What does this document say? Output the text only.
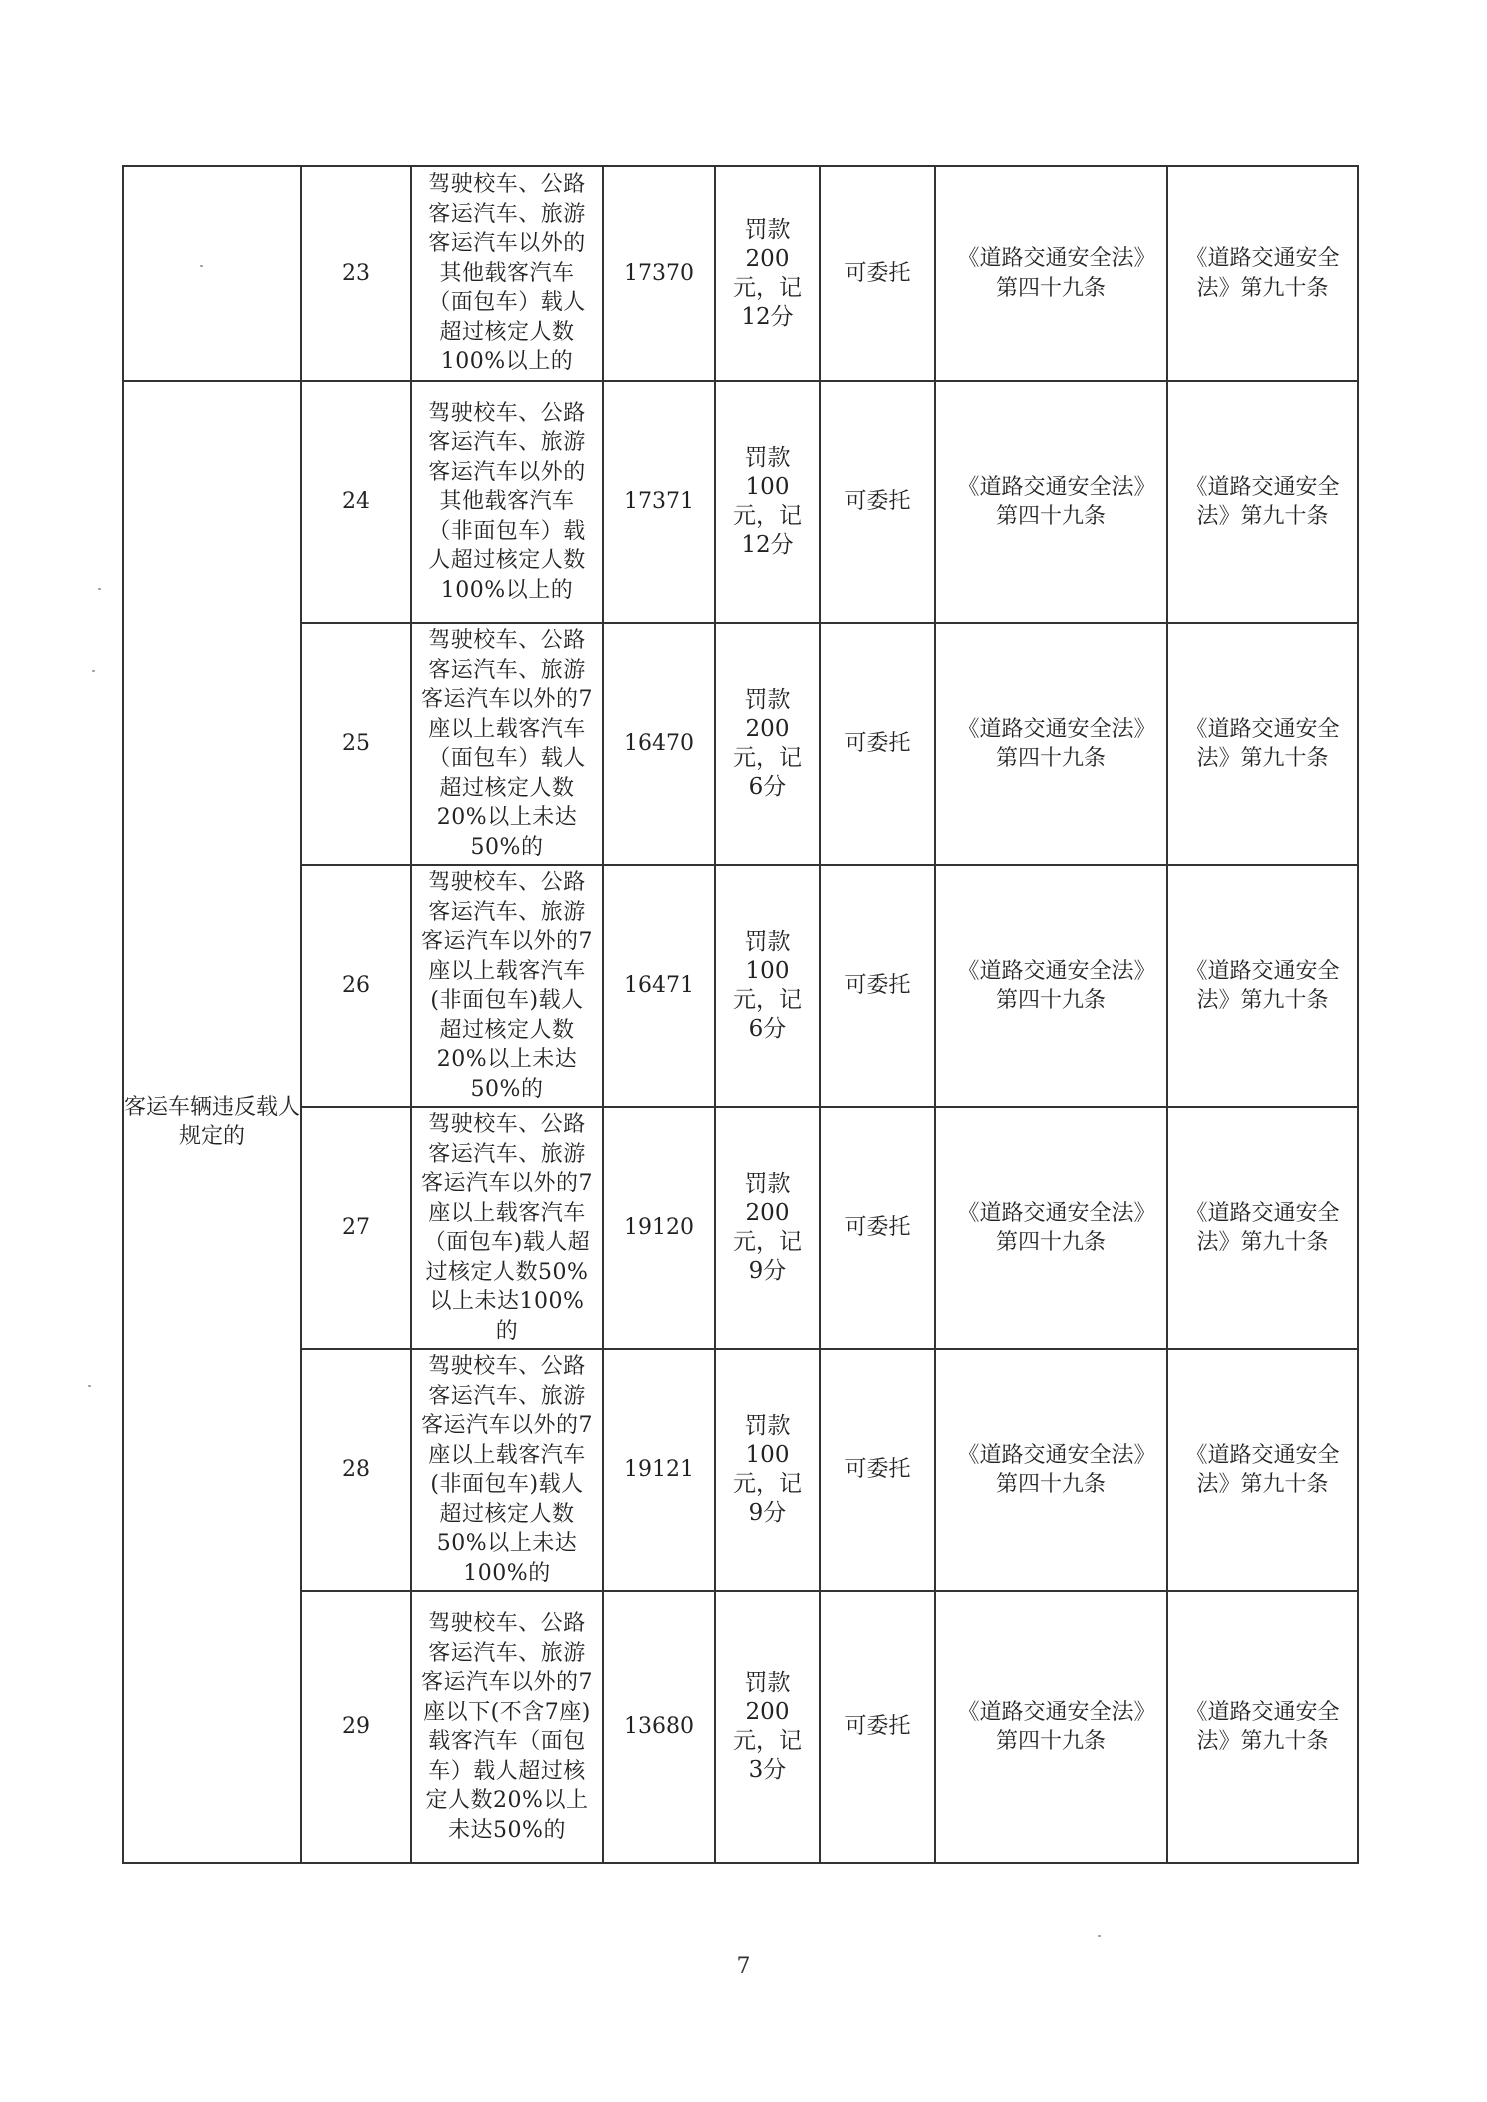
	23	驾驶校车、公路客运汽车、旅游客运汽车以外的其他载客汽车（面包车）载人超过核定人数100%以上的	17370	罚款200元，记12分	可委托	《道路交通安全法》第四十九条	《道路交通安全法》第九十条

客运车辆违反载人规定的	24	驾驶校车、公路客运汽车、旅游客运汽车以外的其他载客汽车（非面包车）载人超过核定人数100%以上的	17371	罚款100元，记12分	可委托	《道路交通安全法》第四十九条	《道路交通安全法》第九十条

	25	驾驶校车、公路客运汽车、旅游客运汽车以外的7座以上载客汽车（面包车）载人超过核定人数20%以上未达50%的	16470	罚款200元，记6分	可委托	《道路交通安全法》第四十九条	《道路交通安全法》第九十条

	26	驾驶校车、公路客运汽车、旅游客运汽车以外的7座以上载客汽车(非面包车)载人超过核定人数20%以上未达50%的	16471	罚款100元，记6分	可委托	《道路交通安全法》第四十九条	《道路交通安全法》第九十条

	27	驾驶校车、公路客运汽车、旅游客运汽车以外的7座以上载客汽车（面包车)载人超过核定人数50%以上未达100%的	19120	罚款200元，记9分	可委托	《道路交通安全法》第四十九条	《道路交通安全法》第九十条

	28	驾驶校车、公路客运汽车、旅游客运汽车以外的7座以上载客汽车(非面包车)载人超过核定人数50%以上未达100%的	19121	罚款100元，记9分	可委托	《道路交通安全法》第四十九条	《道路交通安全法》第九十条

	29	驾驶校车、公路客运汽车、旅游客运汽车以外的7座以下(不含7座)载客汽车（面包车）载人超过核定人数20%以上未达50%的	13680	罚款200元，记3分	可委托	《道路交通安全法》第四十九条	《道路交通安全法》第九十条
7
